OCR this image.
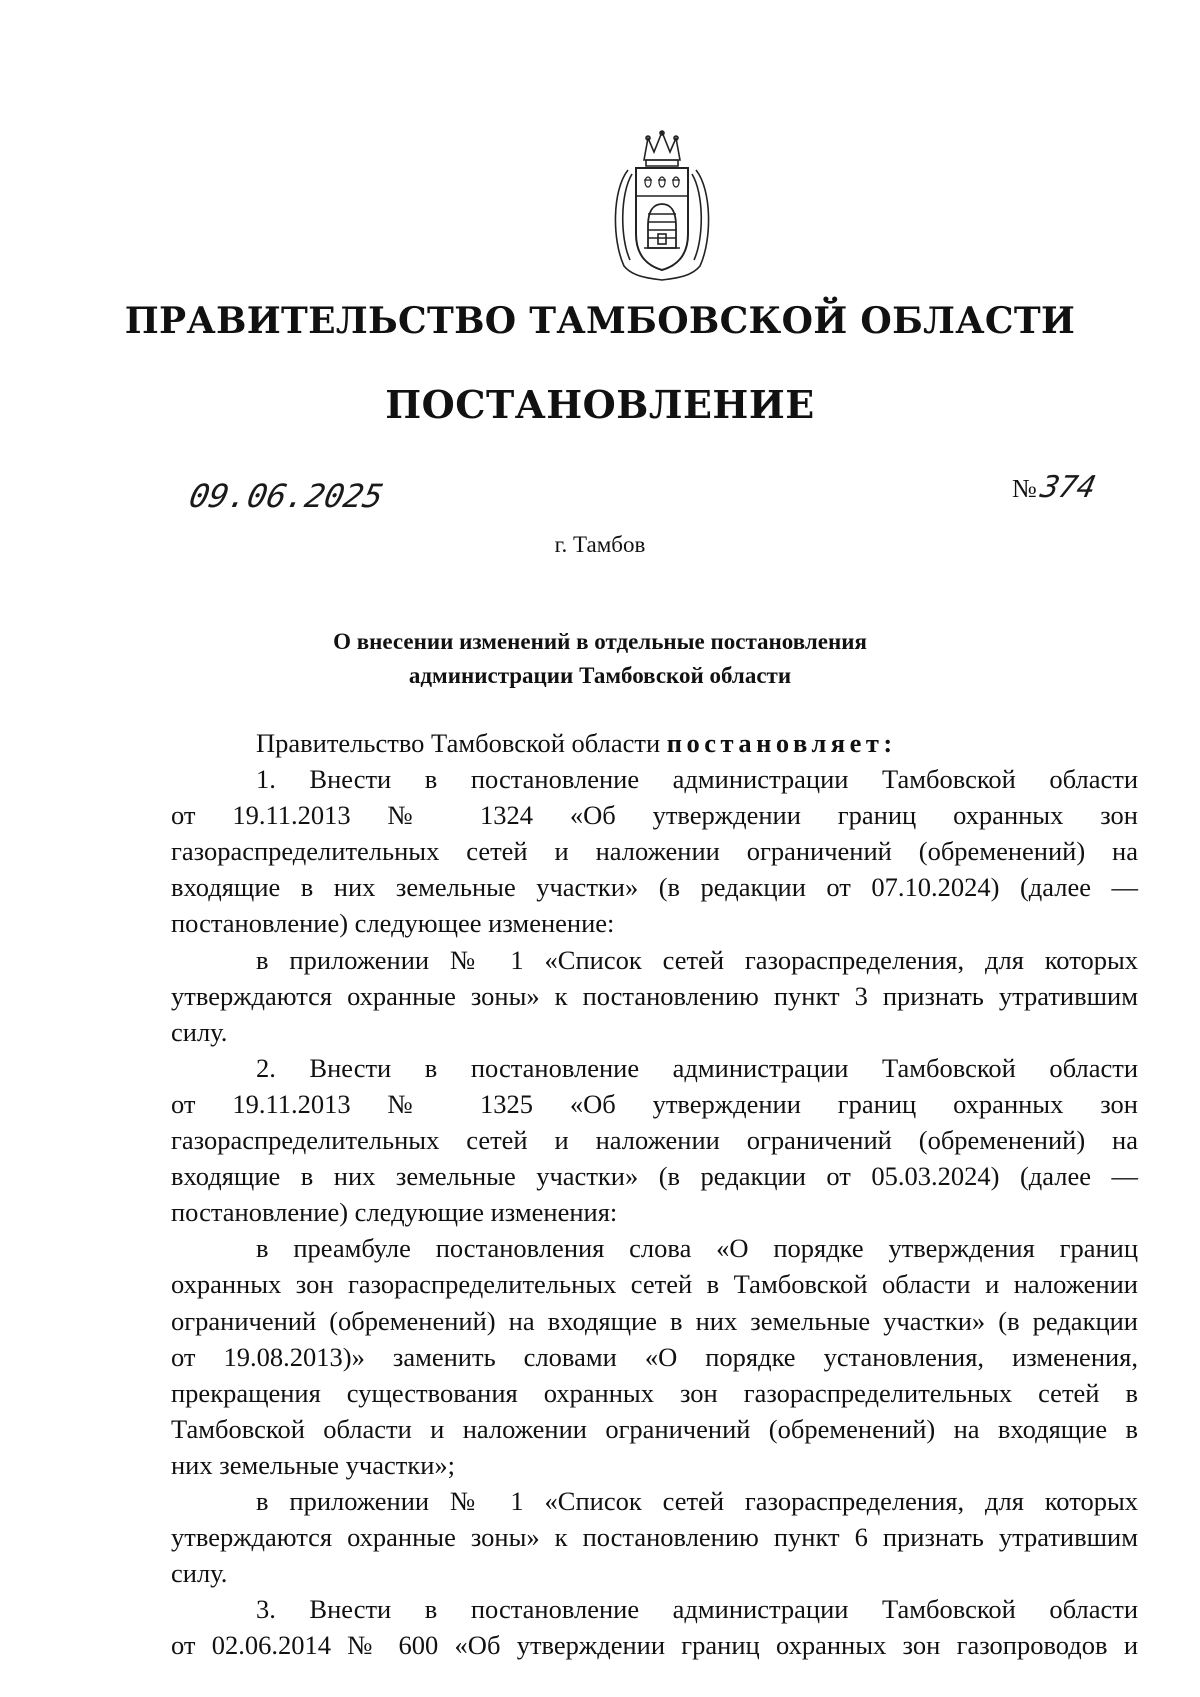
ПРАВИТЕЛЬСТВО ТАМБОВСКОЙ ОБЛАСТИ
ПОСТАНОВЛЕНИЕ
09.06.2025	№374
г. Тамбов
О внесении изменений в отдельные постановления
администрации Тамбовской области
Правительство Тамбовской области постановляет:
1. Внести в постановление администрации Тамбовской области
от 19.11.2013 № 1324 «Об утверждении границ охранных зон
газораспределительных сетей и наложении ограничений (обременений) на
входящие в них земельные участки» (в редакции от 07.10.2024) (далее —
постановление) следующее изменение:
в приложении № 1 «Список сетей газораспределения, для которых
утверждаются охранные зоны» к постановлению пункт 3 признать утратившим
силу.
2. Внести в постановление администрации Тамбовской области
от 19.11.2013 № 1325 «Об утверждении границ охранных зон
газораспределительных сетей и наложении ограничений (обременений) на
входящие в них земельные участки» (в редакции от 05.03.2024) (далее —
постановление) следующие изменения:
в преамбуле постановления слова «О порядке утверждения границ
охранных зон газораспределительных сетей в Тамбовской области и наложении
ограничений (обременений) на входящие в них земельные участки» (в редакции
от 19.08.2013)» заменить словами «О порядке установления, изменения,
прекращения существования охранных зон газораспределительных сетей в
Тамбовской области и наложении ограничений (обременений) на входящие в
них земельные участки»;
в приложении № 1 «Список сетей газораспределения, для которых
утверждаются охранные зоны» к постановлению пункт 6 признать утратившим
силу.
3. Внести в постановление администрации Тамбовской области
от 02.06.2014 № 600 «Об утверждении границ охранных зон газопроводов и
